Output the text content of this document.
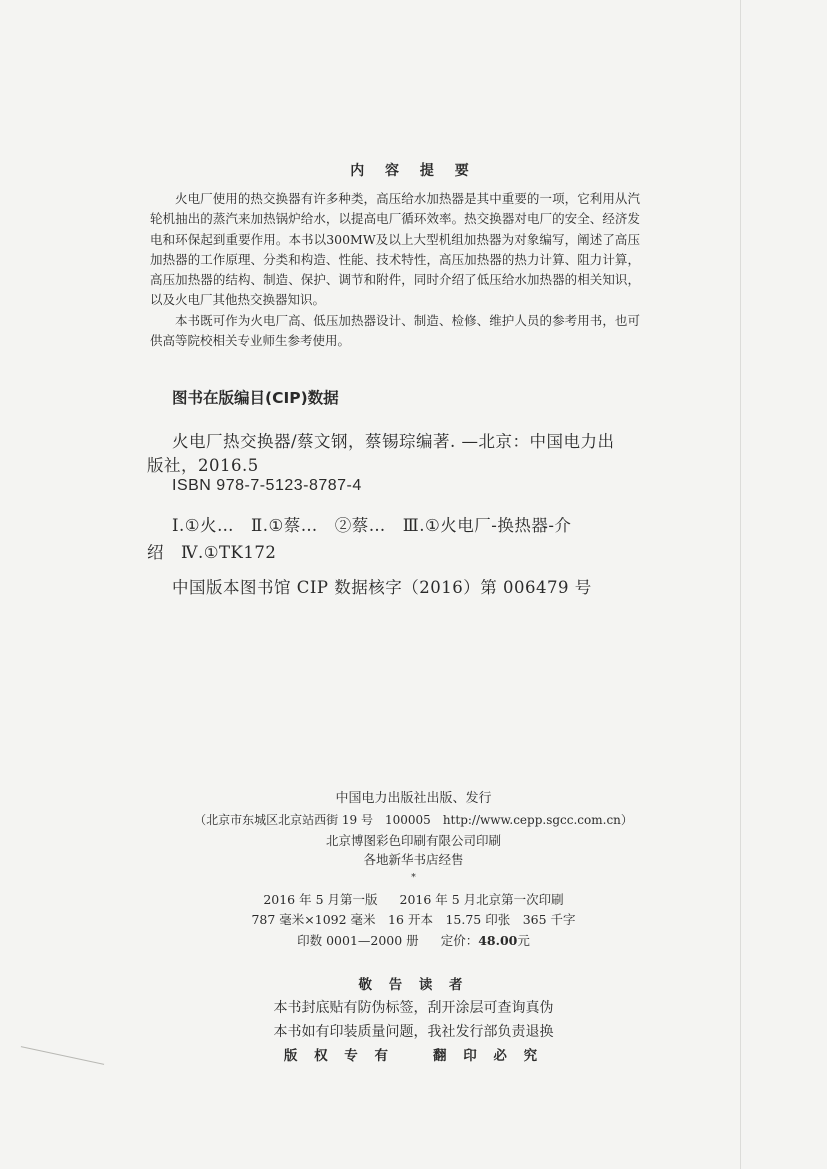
内 容 提 要

火电厂使用的热交换器有许多种类，高压给水加热器是其中重要的一项，它利用从汽轮机抽出的蒸汽来加热锅炉给水，以提高电厂循环效率。热交换器对电厂的安全、经济发电和环保起到重要作用。本书以300MW及以上大型机组加热器为对象编写，阐述了高压加热器的工作原理、分类和构造、性能、技术特性，高压加热器的热力计算、阻力计算，高压加热器的结构、制造、保护、调节和附件，同时介绍了低压给水加热器的相关知识，以及火电厂其他热交换器知识。

本书既可作为火电厂高、低压加热器设计、制造、检修、维护人员的参考用书，也可供高等院校相关专业师生参考使用。

图书在版编目(CIP)数据
火电厂热交换器/蔡文钢，蔡锡琮编著. —北京：中国电力出
版社，2016.5
ISBN 978-7-5123-8787-4
Ⅰ.①火…　Ⅱ.①蔡…　②蔡…　Ⅲ.①火电厂-换热器-介
绍　Ⅳ.①TK172
中国版本图书馆 CIP 数据核字（2016）第 006479 号
中国电力出版社出版、发行
（北京市东城区北京站西街 19 号　100005　http://www.cepp.sgcc.com.cn）
北京博图彩色印刷有限公司印刷
各地新华书店经售
*
2016 年 5 月第一版 2016 年 5 月北京第一次印刷
787 毫米×1092 毫米　16 开本　15.75 印张　365 千字
印数 0001—2000 册 定价：48.00元
敬 告 读 者
本书封底贴有防伪标签，刮开涂层可查询真伪
本书如有印装质量问题，我社发行部负责退换
版 权 专 有　　翻 印 必 究
